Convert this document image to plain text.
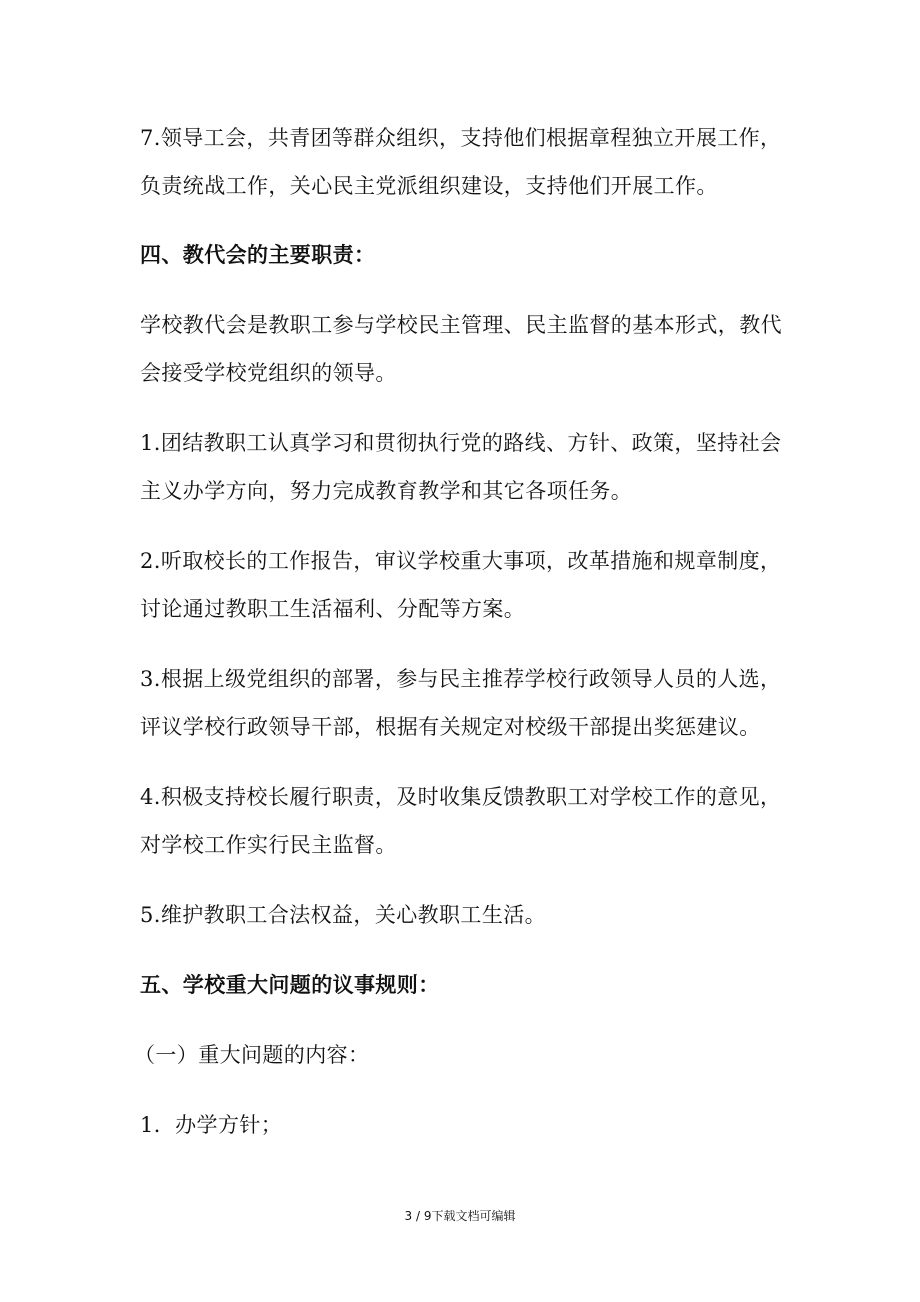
7.领导工会，共青团等群众组织，支持他们根据章程独立开展工作，
负责统战工作，关心民主党派组织建设，支持他们开展工作。
四、教代会的主要职责：
学校教代会是教职工参与学校民主管理、民主监督的基本形式，教代
会接受学校党组织的领导。
1.团结教职工认真学习和贯彻执行党的路线、方针、政策，坚持社会
主义办学方向，努力完成教育教学和其它各项任务。
2.听取校长的工作报告，审议学校重大事项，改革措施和规章制度，
讨论通过教职工生活福利、分配等方案。
3.根据上级党组织的部署，参与民主推荐学校行政领导人员的人选，
评议学校行政领导干部，根据有关规定对校级干部提出奖惩建议。
4.积极支持校长履行职责，及时收集反馈教职工对学校工作的意见，
对学校工作实行民主监督。
5.维护教职工合法权益，关心教职工生活。
五、学校重大问题的议事规则：
（一）重大问题的内容：
1．办学方针；
3 / 9下载文档可编辑
